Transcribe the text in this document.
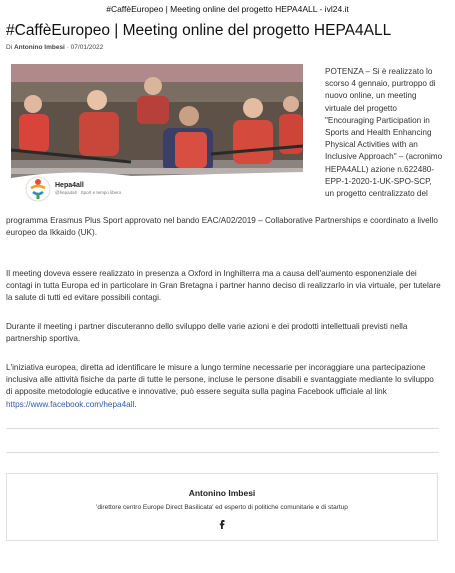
#CaffèEuropeo | Meeting online del progetto HEPA4ALL - ivl24.it
#CaffèEuropeo | Meeting online del progetto HEPA4ALL
Di Antonino Imbesi · 07/01/2022
Hepa4all
@hepa4all · Sport e tempo libero
POTENZA – Si è realizzato lo scorso 4 gennaio, purtroppo di nuovo online, un meeting virtuale del progetto "Encouraging Participation in Sports and Health Enhancing Physical Activities with an Inclusive Approach" – (acronimo HEPA4ALL) azione n.622480-EPP-1-2020-1-UK-SPO-SCP, un progetto centralizzato del

programma Erasmus Plus Sport approvato nel bando EAC/A02/2019 – Collaborative Partnerships e coordinato a livello europeo da Ikkaido (UK).

Il meeting doveva essere realizzato in presenza a Oxford in Inghilterra ma a causa dell'aumento esponenziale dei contagi in tutta Europa ed in particolare in Gran Bretagna i partner hanno deciso di realizzarlo in via virtuale, per tutelare la salute di tutti ed evitare possibili contagi.

Durante il meeting i partner discuteranno dello sviluppo delle varie azioni e dei prodotti intellettuali previsti nella partnership sportiva.

L'iniziativa europea, diretta ad identificare le misure a lungo termine necessarie per incoraggiare una partecipazione inclusiva alle attività fisiche da parte di tutte le persone, incluse le persone disabili e svantaggiate mediante lo sviluppo di apposite metodologie educative e innovative, può essere seguita sulla pagina Facebook ufficiale al link https://www.facebook.com/hepa4all.

Antonino Imbesi
'direttore centro Europe Direct Basilicata' ed esperto di politiche comunitarie e di startup
